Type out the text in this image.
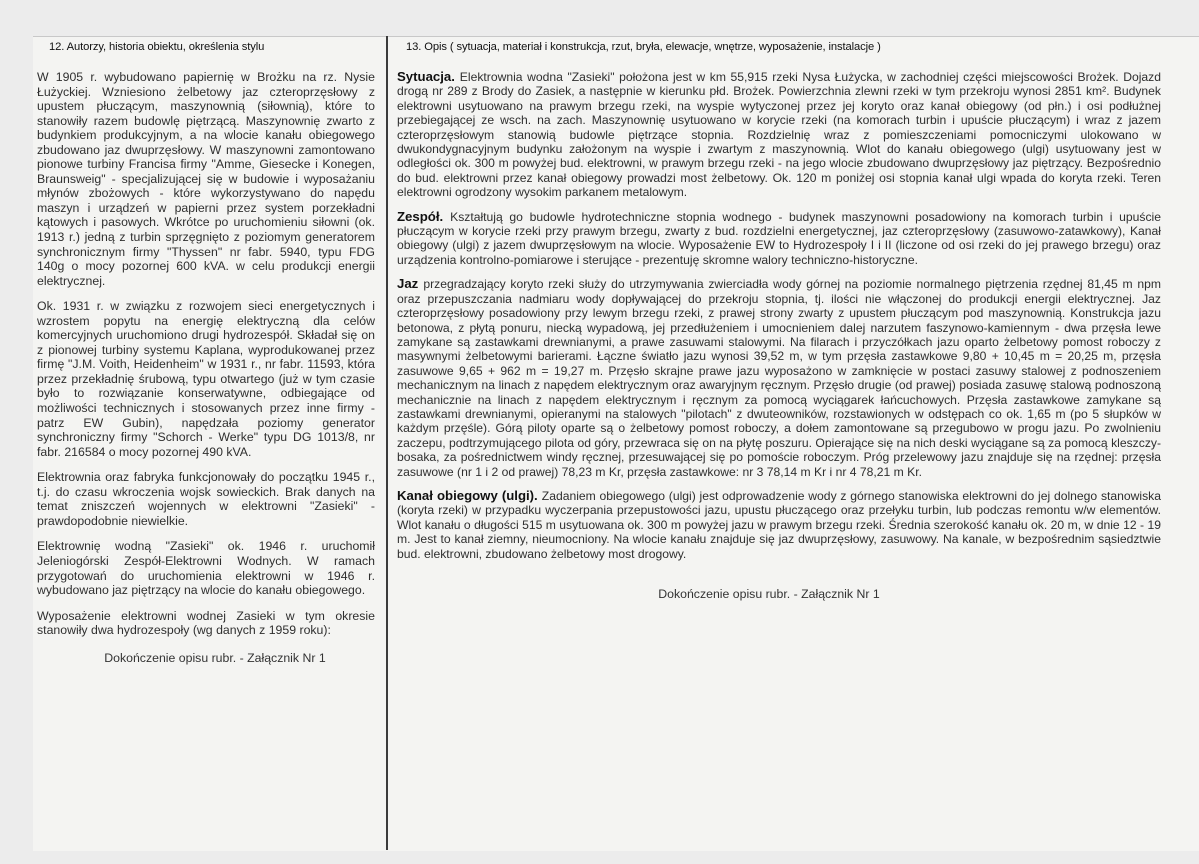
12. Autorzy, historia obiektu, określenia stylu

W 1905 r. wybudowano papiernię w Brożku na rz. Nysie Łużyckiej. Wzniesiono żelbetowy jaz czteroprzęsłowy z upustem płuczącym, maszynownią (siłownią), które to stanowiły razem budowlę piętrzącą. Maszynownię zwarto z budynkiem produkcyjnym, a na wlocie kanału obiegowego zbudowano jaz dwuprzęsłowy. W maszynowni zamontowano pionowe turbiny Francisa firmy "Amme, Giesecke i Konegen, Braunsweig" - specjalizującej się w budowie i wyposażaniu młynów zbożowych - które wykorzystywano do napędu maszyn i urządzeń w papierni przez system porzekładni kątowych i pasowych. Wkrótce po uruchomieniu siłowni (ok. 1913 r.) jedną z turbin sprzęgnięto z poziomym generatorem synchronicznym firmy "Thyssen" nr fabr. 5940, typu FDG 140g o mocy pozornej 600 kVA. w celu produkcji energii elektrycznej.

Ok. 1931 r. w związku z rozwojem sieci energetycznych i wzrostem popytu na energię elektryczną dla celów komercyjnych uruchomiono drugi hydrozespół. Składał się on z pionowej turbiny systemu Kaplana, wyprodukowanej przez firmę "J.M. Voith, Heidenheim" w 1931 r., nr fabr. 11593, która przez przekładnię śrubową, typu otwartego (już w tym czasie było to rozwiązanie konserwatywne, odbiegające od możliwości technicznych i stosowanych przez inne firmy - patrz EW Gubin), napędzała poziomy generator synchroniczny firmy "Schorch - Werke" typu DG 1013/8, nr fabr. 216584 o mocy pozornej 490 kVA.

Elektrownia oraz fabryka funkcjonowały do początku 1945 r., t.j. do czasu wkroczenia wojsk sowieckich. Brak danych na temat zniszczeń wojennych w elektrowni "Zasieki" - prawdopodobnie niewielkie.

Elektrownię wodną "Zasieki" ok. 1946 r. uruchomił Jeleniogórski Zespół-Elektrowni Wodnych. W ramach przygotowań do uruchomienia elektrowni w 1946 r. wybudowano jaz piętrzący na wlocie do kanału obiegowego.

Wyposażenie elektrowni wodnej Zasieki w tym okresie stanowiły dwa hydrozespoły (wg danych z 1959 roku):

Dokończenie opisu rubr. - Załącznik Nr 1
13. Opis ( sytuacja, materiał i konstrukcja, rzut, bryła, elewacje, wnętrze, wyposażenie, instalacje )

Sytuacja. Elektrownia wodna "Zasieki" położona jest w km 55,915 rzeki Nysa Łużycka, w zachodniej części miejscowości Brożek. Dojazd drogą nr 289 z Brody do Zasiek, a następnie w kierunku płd. Brożek. Powierzchnia zlewni rzeki w tym przekroju wynosi 2851 km². Budynek elektrowni usytuowano na prawym brzegu rzeki, na wyspie wytyczonej przez jej koryto oraz kanał obiegowy (od płn.) i osi podłużnej przebiegającej ze wsch. na zach. Maszynownię usytuowano w korycie rzeki (na komorach turbin i upuście płuczącym) i wraz z jazem czteroprzęsłowym stanowią budowle piętrzące stopnia. Rozdzielnię wraz z pomieszczeniami pomocniczymi ulokowano w dwukondygnacyjnym budynku założonym na wyspie i zwartym z maszynownią. Wlot do kanału obiegowego (ulgi) usytuowany jest w odległości ok. 300 m powyżej bud. elektrowni, w prawym brzegu rzeki - na jego wlocie zbudowano dwuprzęsłowy jaz piętrzący. Bezpośrednio do bud. elektrowni przez kanał obiegowy prowadzi most żelbetowy. Ok. 120 m poniżej osi stopnia kanał ulgi wpada do koryta rzeki. Teren elektrowni ogrodzony wysokim parkanem metalowym.

Zespół. Kształtują go budowle hydrotechniczne stopnia wodnego - budynek maszynowni posadowiony na komorach turbin i upuście płuczącym w korycie rzeki przy prawym brzegu, zwarty z bud. rozdzielni energetycznej, jaz czteroprzęsłowy (zasuwowo-zatawkowy), Kanał obiegowy (ulgi) z jazem dwuprzęsłowym na wlocie. Wyposażenie EW to Hydrozespoły I i II (liczone od osi rzeki do jej prawego brzegu) oraz urządzenia kontrolno-pomiarowe i sterujące - prezentuję skromne walory techniczno-historyczne.

Jaz przegradzający koryto rzeki służy do utrzymywania zwierciadła wody górnej na poziomie normalnego piętrzenia rzędnej 81,45 m npm oraz przepuszczania nadmiaru wody dopływającej do przekroju stopnia, tj. ilości nie włączonej do produkcji energii elektrycznej. Jaz czteroprzęsłowy posadowiony przy lewym brzegu rzeki, z prawej strony zwarty z upustem płuczącym pod maszynownią. Konstrukcja jazu betonowa, z płytą ponuru, niecką wypadową, jej przedłużeniem i umocnieniem dalej narzutem faszynowo-kamiennym - dwa przęsła lewe zamykane są zastawkami drewnianymi, a prawe zasuwami stalowymi. Na filarach i przyczółkach jazu oparto żelbetowy pomost roboczy z masywnymi żelbetowymi barierami. Łączne światło jazu wynosi 39,52 m, w tym przęsła zastawkowe 9,80 + 10,45 m = 20,25 m, przęsła zasuwowe 9,65 + 962 m = 19,27 m. Przęsło skrajne prawe jazu wyposażono w zamknięcie w postaci zasuwy stalowej z podnoszeniem mechanicznym na linach z napędem elektrycznym oraz awaryjnym ręcznym. Przęsło drugie (od prawej) posiada zasuwę stalową podnoszoną mechanicznie na linach z napędem elektrycznym i ręcznym za pomocą wyciągarek łańcuchowych. Przęsła zastawkowe zamykane są zastawkami drewnianymi, opieranymi na stalowych "pilotach" z dwuteowników, rozstawionych w odstępach co ok. 1,65 m (po 5 słupków w każdym przęśle). Górą piloty oparte są o żelbetowy pomost roboczy, a dołem zamontowane są przegubowo w progu jazu. Po zwolnieniu zaczepu, podtrzymującego pilota od góry, przewraca się on na płytę poszuru. Opierające się na nich deski wyciągane są za pomocą kleszczy-bosaka, za pośrednictwem windy ręcznej, przesuwającej się po pomoście roboczym. Próg przelewowy jazu znajduje się na rzędnej: przęsła zasuwowe (nr 1 i 2 od prawej) 78,23 m Kr, przęsła zastawkowe: nr 3 78,14 m Kr i nr 4 78,21 m Kr.

Kanał obiegowy (ulgi). Zadaniem obiegowego (ulgi) jest odprowadzenie wody z górnego stanowiska elektrowni do jej dolnego stanowiska (koryta rzeki) w przypadku wyczerpania przepustowości jazu, upustu płuczącego oraz przełyku turbin, lub podczas remontu w/w elementów. Wlot kanału o długości 515 m usytuowana ok. 300 m powyżej jazu w prawym brzegu rzeki. Średnia szerokość kanału ok. 20 m, w dnie 12 - 19 m. Jest to kanał ziemny, nieumocniony. Na wlocie kanału znajduje się jaz dwuprzęsłowy, zasuwowy. Na kanale, w bezpośrednim sąsiedztwie bud. elektrowni, zbudowano żelbetowy most drogowy.

Dokończenie opisu rubr. - Załącznik Nr 1
